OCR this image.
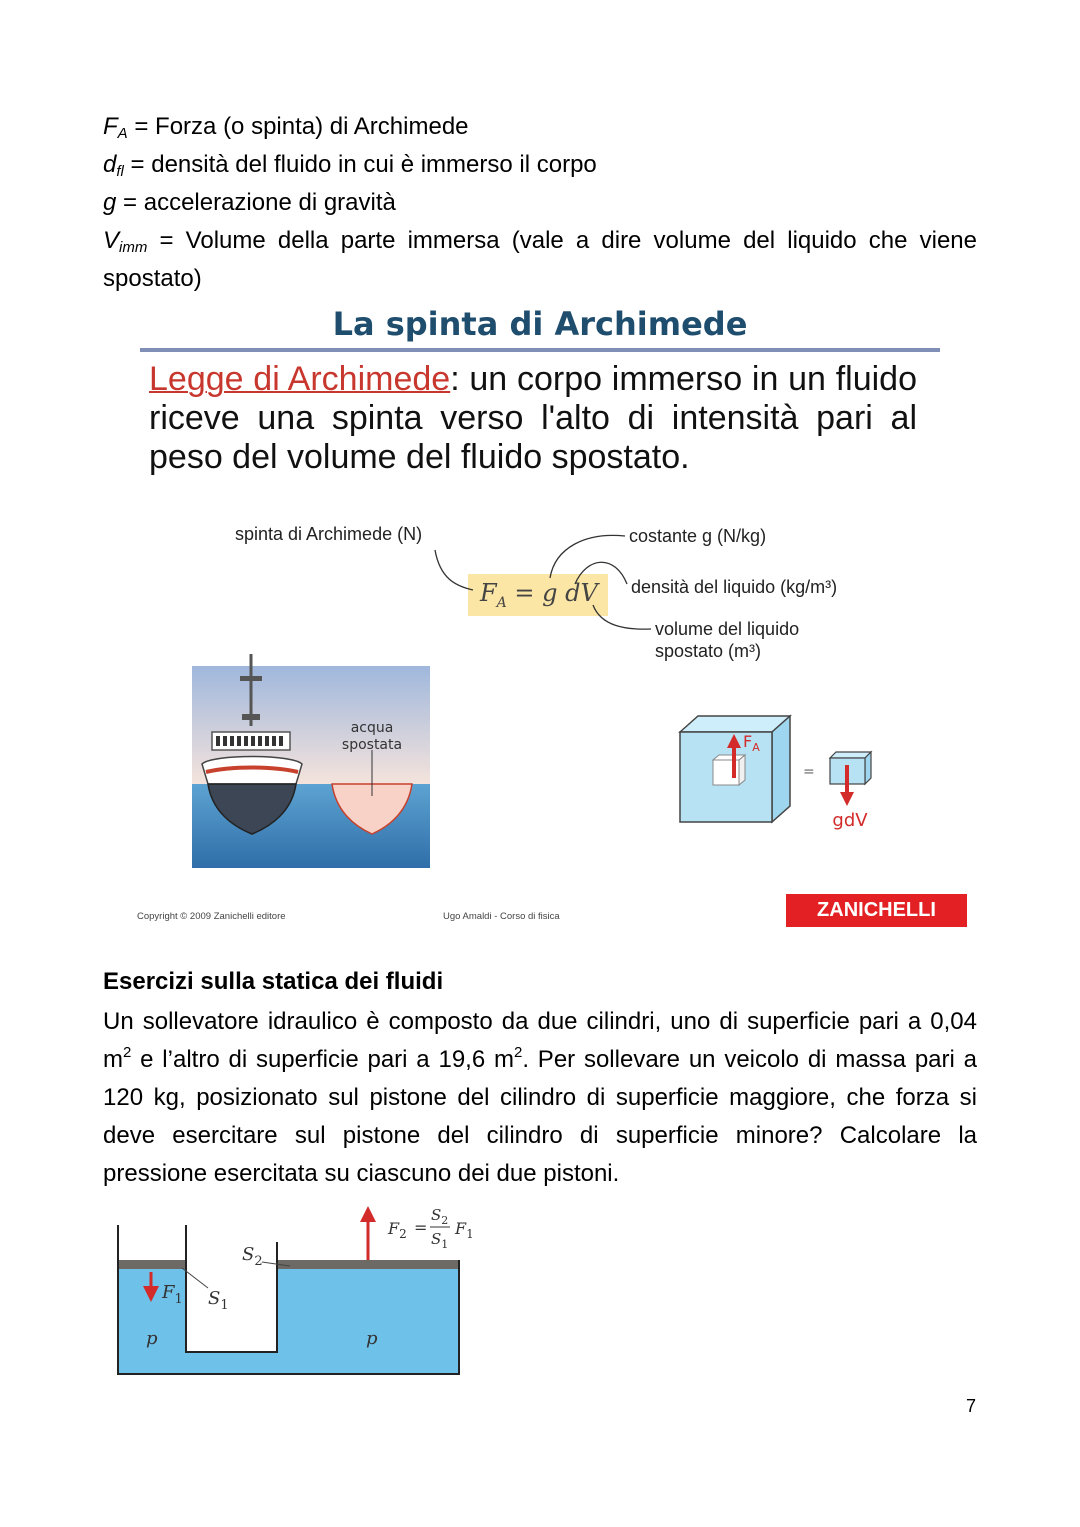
$F_A$ = Forza (o spinta) di Archimede

$d_{fl}$ = densità del fluido in cui è immerso il corpo

g = accelerazione di gravità

$V_{imm}$ = Volume della parte immersa (vale a dire volume del liquido che viene spostato)

La spinta di Archimede
Legge di Archimede: un corpo immerso in un fluido riceve una spinta verso l'alto di intensità pari al peso del volume del fluido spostato.
spinta di Archimede (N)	costante g (N/kg)
densità del liquido (kg/m³)
volume del liquido
spostato (m³)
$F_A = g$ dV
acqua
spostata	$F_A$
=
gdV
Copyright © 2009 Zanichelli editore	Ugo Amaldi - Corso di fisica	ZANICHELLI
Esercizi sulla statica dei fluidi

Un sollevatore idraulico è composto da due cilindri, uno di superficie pari a 0,04 $m^2$ e l’altro di superficie pari a 19,6 $m^2$. Per sollevare un veicolo di massa pari a 120 kg, posizionato sul pistone del cilindro di superficie maggiore, che forza si deve esercitare sul pistone del cilindro di superficie minore? Calcolare la pressione esercitata su ciascuno dei due pistoni.

$F_1$ $S_1$
$S_2$
p	p
$F_2$ =
$S_2$
$S_1$
$F_1$
7
